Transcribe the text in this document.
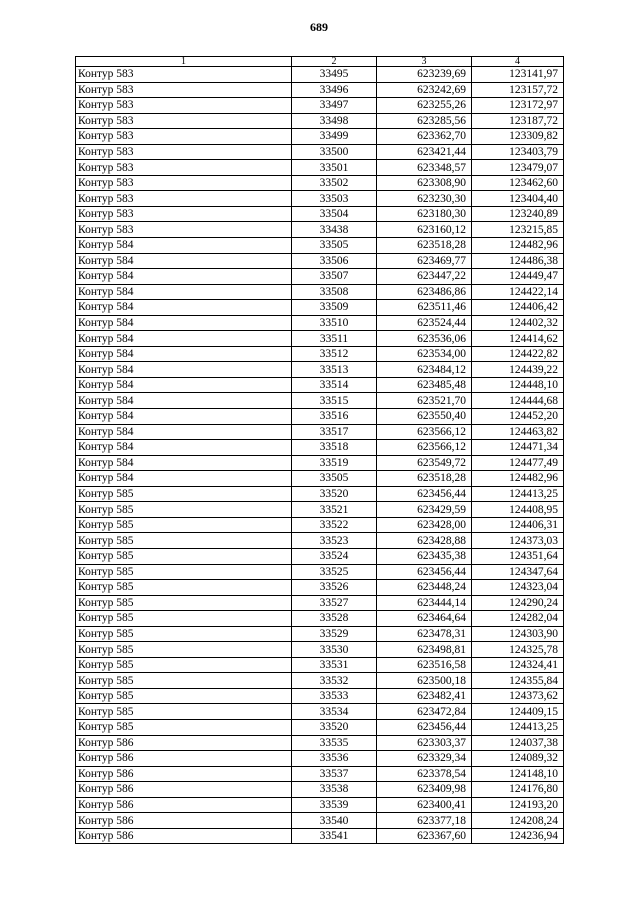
689
1	2	3	4
Контур 583	33495	623239,69	123141,97
Контур 583	33496	623242,69	123157,72
Контур 583	33497	623255,26	123172,97
Контур 583	33498	623285,56	123187,72
Контур 583	33499	623362,70	123309,82
Контур 583	33500	623421,44	123403,79
Контур 583	33501	623348,57	123479,07
Контур 583	33502	623308,90	123462,60
Контур 583	33503	623230,30	123404,40
Контур 583	33504	623180,30	123240,89
Контур 583	33438	623160,12	123215,85
Контур 584	33505	623518,28	124482,96
Контур 584	33506	623469,77	124486,38
Контур 584	33507	623447,22	124449,47
Контур 584	33508	623486,86	124422,14
Контур 584	33509	623511,46	124406,42
Контур 584	33510	623524,44	124402,32
Контур 584	33511	623536,06	124414,62
Контур 584	33512	623534,00	124422,82
Контур 584	33513	623484,12	124439,22
Контур 584	33514	623485,48	124448,10
Контур 584	33515	623521,70	124444,68
Контур 584	33516	623550,40	124452,20
Контур 584	33517	623566,12	124463,82
Контур 584	33518	623566,12	124471,34
Контур 584	33519	623549,72	124477,49
Контур 584	33505	623518,28	124482,96
Контур 585	33520	623456,44	124413,25
Контур 585	33521	623429,59	124408,95
Контур 585	33522	623428,00	124406,31
Контур 585	33523	623428,88	124373,03
Контур 585	33524	623435,38	124351,64
Контур 585	33525	623456,44	124347,64
Контур 585	33526	623448,24	124323,04
Контур 585	33527	623444,14	124290,24
Контур 585	33528	623464,64	124282,04
Контур 585	33529	623478,31	124303,90
Контур 585	33530	623498,81	124325,78
Контур 585	33531	623516,58	124324,41
Контур 585	33532	623500,18	124355,84
Контур 585	33533	623482,41	124373,62
Контур 585	33534	623472,84	124409,15
Контур 585	33520	623456,44	124413,25
Контур 586	33535	623303,37	124037,38
Контур 586	33536	623329,34	124089,32
Контур 586	33537	623378,54	124148,10
Контур 586	33538	623409,98	124176,80
Контур 586	33539	623400,41	124193,20
Контур 586	33540	623377,18	124208,24
Контур 586	33541	623367,60	124236,94
